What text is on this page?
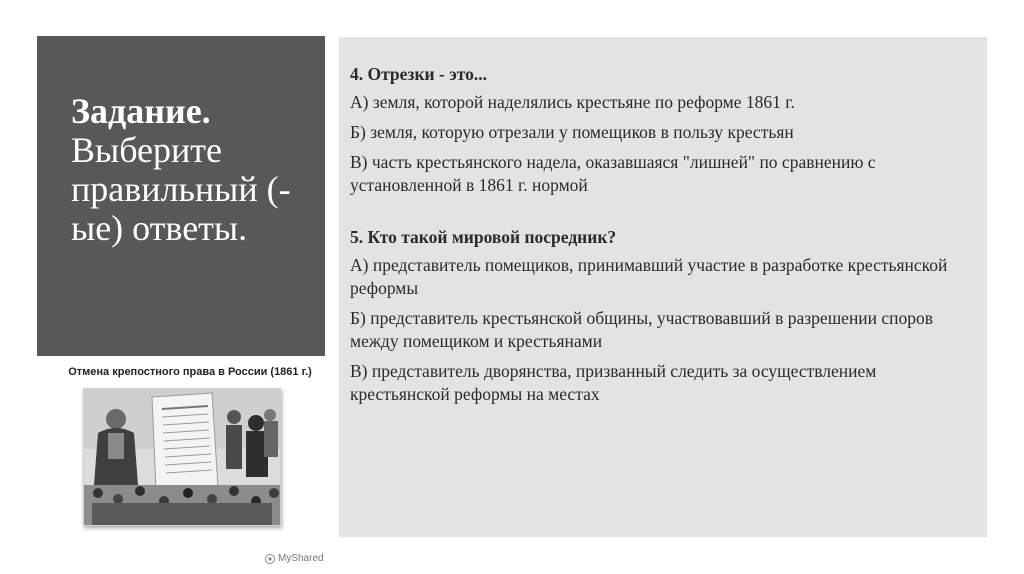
Задание.
Выберите правильный (-ые) ответы.
Отмена крепостного права в России (1861 г.)
MyShared
4. Отрезки - это...
А) земля, которой наделялись крестьяне по реформе 1861 г.
Б) земля, которую отрезали у помещиков в пользу крестьян
В) часть крестьянского надела, оказавшаяся "лишней" по сравнению с установленной в 1861 г. нормой
5. Кто такой мировой посредник?
А) представитель помещиков, принимавший участие в разработке крестьянской реформы
Б) представитель крестьянской общины, участвовавший в разрешении споров между помещиком и крестьянами
В) представитель дворянства, призванный следить за осуществлением крестьянской реформы на местах
